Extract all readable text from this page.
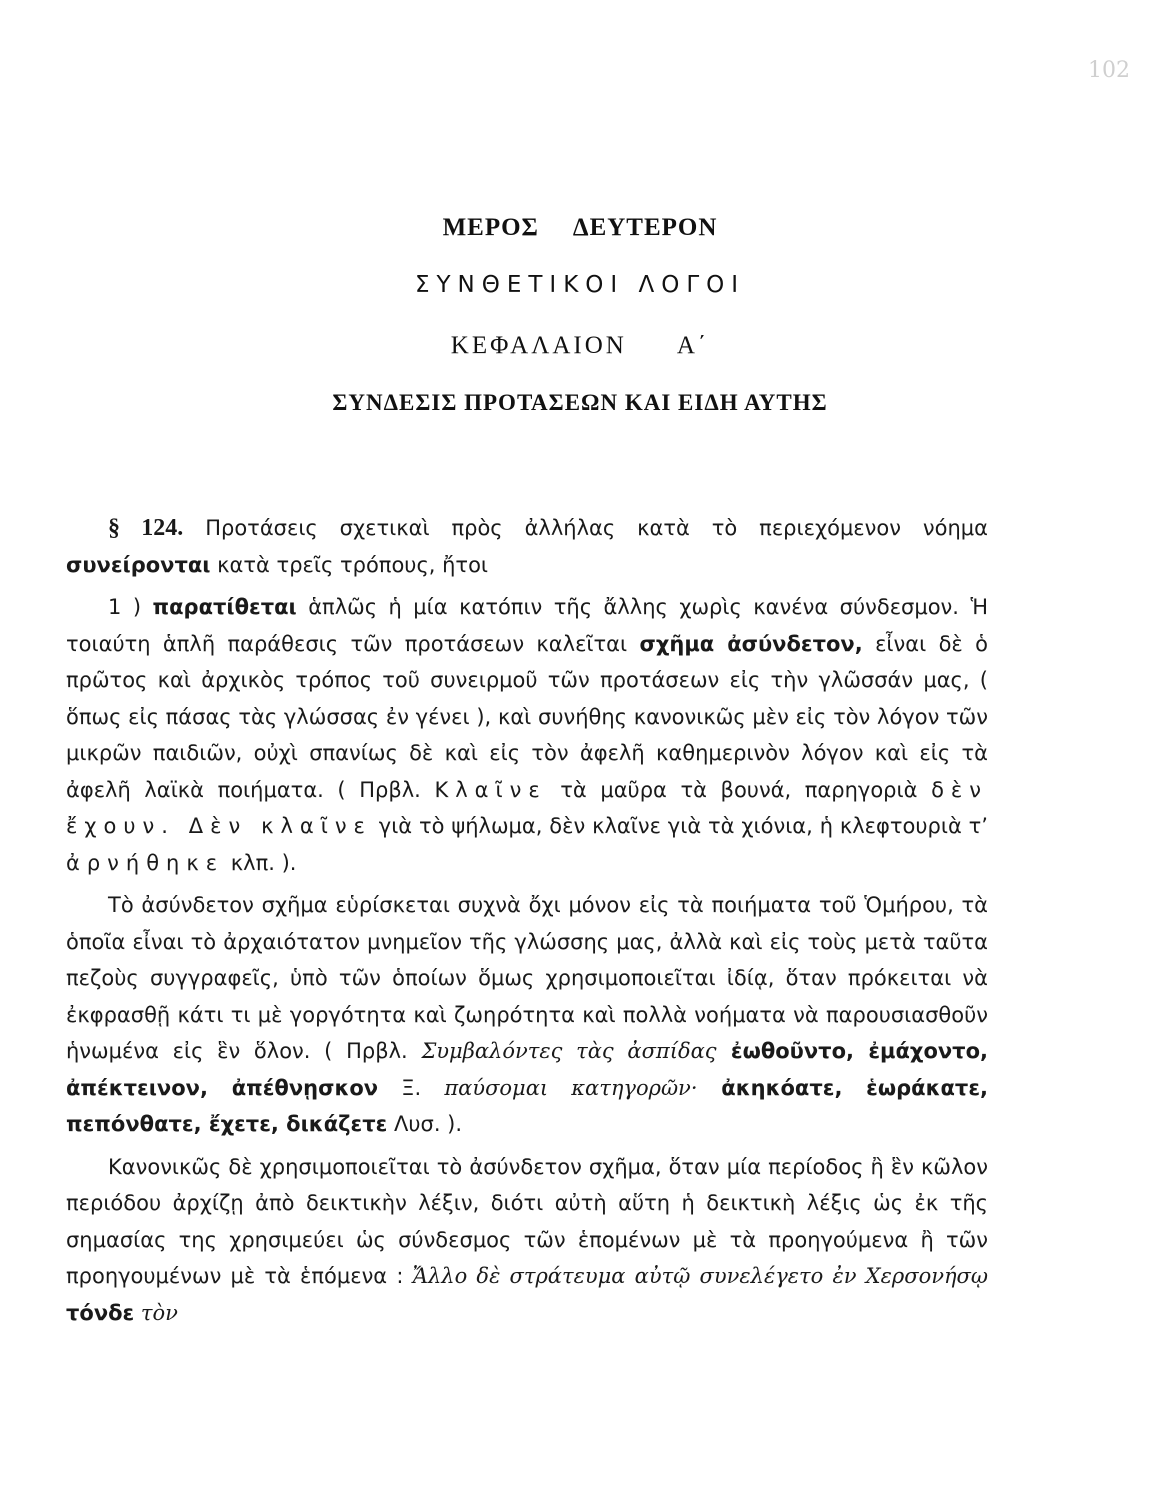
102
ΜΕΡΟΣ ΔΕΥΤΕΡΟΝ
ΣΥΝΘΕΤΙΚΟΙ ΛΟΓΟΙ
ΚΕΦΑΛΑΙΟΝ Α΄
ΣΥΝΔΕΣΙΣ ΠΡΟΤΑΣΕΩΝ ΚΑΙ ΕΙΔΗ ΑΥΤΗΣ

§ 124. Προτάσεις σχετικαὶ πρὸς ἀλλήλας κατὰ τὸ περιεχόμενον νόημα συνείρονται κατὰ τρεῖς τρόπους, ἤτοι

1 ) παρατίθεται ἁπλῶς ἡ μία κατόπιν τῆς ἄλλης χωρὶς κανένα σύνδεσμον. Ἡ τοιαύτη ἁπλῆ παράθεσις τῶν προτάσεων καλεῖται σχῆμα ἀσύνδετον, εἶναι δὲ ὁ πρῶτος καὶ ἀρχικὸς τρόπος τοῦ συνειρμοῦ τῶν προτάσεων εἰς τὴν γλῶσσάν μας, ( ὅπως εἰς πάσας τὰς γλώσσας ἐν γένει ), καὶ συνήθης κανονικῶς μὲν εἰς τὸν λόγον τῶν μικρῶν παιδιῶν, οὐχὶ σπανίως δὲ καὶ εἰς τὸν ἀφελῆ καθημερινὸν λόγον καὶ εἰς τὰ ἀφελῆ λαϊκὰ ποιήματα. ( Πρβλ. Κλαῖνε τὰ μαῦρα τὰ βουνά, παρηγοριὰ δὲν ἔχουν. Δὲν κλαῖνε γιὰ τὸ ψήλωμα, δὲν κλαῖνε γιὰ τὰ χιόνια, ἡ κλεφτουριὰ τ’ ἀρνήθηκε κλπ. ).

Τὸ ἀσύνδετον σχῆμα εὑρίσκεται συχνὰ ὄχι μόνον εἰς τὰ ποιήματα τοῦ Ὁμήρου, τὰ ὁποῖα εἶναι τὸ ἀρχαιότατον μνημεῖον τῆς γλώσσης μας, ἀλλὰ καὶ εἰς τοὺς μετὰ ταῦτα πεζοὺς συγγραφεῖς, ὑπὸ τῶν ὁποίων ὅμως χρησιμοποιεῖται ἰδίᾳ, ὅταν πρόκειται νὰ ἐκφρασθῇ κάτι τι μὲ γοργότητα καὶ ζωηρότητα καὶ πολλὰ νοήματα νὰ παρουσιασθοῦν ἡνωμένα εἰς ἓν ὅλον. ( Πρβλ. Συμβαλόντες τὰς ἀσπίδας ἐωθοῦντο, ἐμάχοντο, ἀπέκτεινον, ἀπέθνῃσκον Ξ. παύσομαι κατηγορῶν· ἀκηκόατε, ἑωράκατε, πεπόνθατε, ἔχετε, δικάζετε Λυσ. ).

Κανονικῶς δὲ χρησιμοποιεῖται τὸ ἀσύνδετον σχῆμα, ὅταν μία περίοδος ἢ ἓν κῶλον περιόδου ἀρχίζῃ ἀπὸ δεικτικὴν λέξιν, διότι αὐτὴ αὕτη ἡ δεικτικὴ λέξις ὡς ἐκ τῆς σημασίας της χρησιμεύει ὡς σύνδεσμος τῶν ἑπομένων μὲ τὰ προηγούμενα ἢ τῶν προηγουμένων μὲ τὰ ἑπόμενα : Ἄλλο δὲ στράτευμα αὐτῷ συνελέγετο ἐν Χερσονήσῳ τόνδε τὸν
